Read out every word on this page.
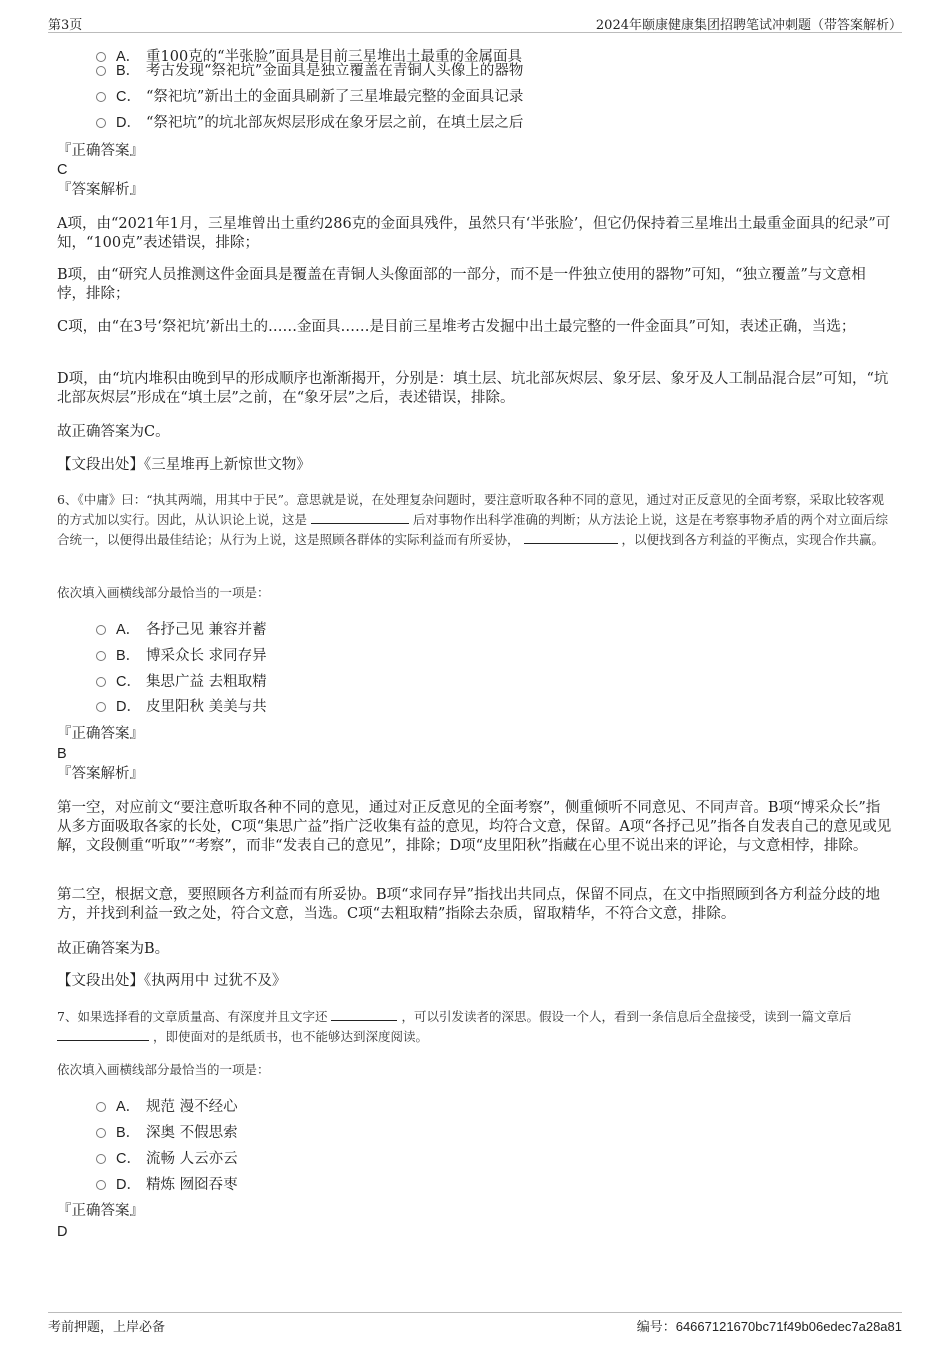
第3页	2024年颐康健康集团招聘笔试冲刺题（带答案解析）
A． 重100克的“半张脸”面具是目前三星堆出土最重的金属面具
B． 考古发现“祭祀坑”金面具是独立覆盖在青铜人头像上的器物
C． “祭祀坑”新出土的金面具刷新了三星堆最完整的金面具记录
D． “祭祀坑”的坑北部灰烬层形成在象牙层之前，在填土层之后
『正确答案』
C
『答案解析』
A项，由“2021年1月，三星堆曾出土重约286克的金面具残件，虽然只有‘半张脸’，但它仍保持着三星堆出土最重金面具的纪录”可知，“100克”表述错误，排除；
B项，由“研究人员推测这件金面具是覆盖在青铜人头像面部的一部分，而不是一件独立使用的器物”可知，“独立覆盖”与文意相悖，排除；
C项，由“在3号‘祭祀坑’新出土的……金面具……是目前三星堆考古发掘中出土最完整的一件金面具”可知，表述正确，当选；
D项，由“坑内堆积由晚到早的形成顺序也渐渐揭开，分别是：填土层、坑北部灰烬层、象牙层、象牙及人工制品混合层”可知，“坑北部灰烬层”形成在“填土层”之前，在“象牙层”之后，表述错误，排除。
故正确答案为C。
【文段出处】《三星堆再上新惊世文物》
6、《中庸》曰：“执其两端，用其中于民”。意思就是说，在处理复杂问题时，要注意听取各种不同的意见，通过对正反意见的全面考察，采取比较客观的方式加以实行。因此，从认识论上说，这是	后对事物作出科学准确的判断；从方法论上说，这是在考察事物矛盾的两个对立面后综合统一，以便得出最佳结论；从行为上说，这是照顾各群体的实际利益而有所妥协，	，以便找到各方利益的平衡点，实现合作共赢。
依次填入画横线部分最恰当的一项是：
A． 各抒己见 兼容并蓄
B． 博采众长 求同存异
C． 集思广益 去粗取精
D． 皮里阳秋 美美与共
『正确答案』
B
『答案解析』
第一空，对应前文“要注意听取各种不同的意见，通过对正反意见的全面考察”，侧重倾听不同意见、不同声音。B项“博采众长”指从多方面吸取各家的长处，C项“集思广益”指广泛收集有益的意见，均符合文意，保留。A项“各抒己见”指各自发表自己的意见或见解，文段侧重“听取”“考察”，而非“发表自己的意见”，排除；D项“皮里阳秋”指藏在心里不说出来的评论，与文意相悖，排除。
第二空，根据文意，要照顾各方利益而有所妥协。B项“求同存异”指找出共同点，保留不同点，在文中指照顾到各方利益分歧的地方，并找到利益一致之处，符合文意，当选。C项“去粗取精”指除去杂质，留取精华，不符合文意，排除。
故正确答案为B。
【文段出处】《执两用中 过犹不及》
7、如果选择看的文章质量高、有深度并且文字还	，可以引发读者的深思。假设一个人，看到一条信息后全盘接受，读到一篇文章后  ，即使面对的是纸质书，也不能够达到深度阅读。
依次填入画横线部分最恰当的一项是：
A． 规范 漫不经心
B． 深奥 不假思索
C． 流畅 人云亦云
D． 精炼 囫囵吞枣
『正确答案』
D
考前押题，上岸必备	编号：64667121670bc71f49b06edec7a28a81
